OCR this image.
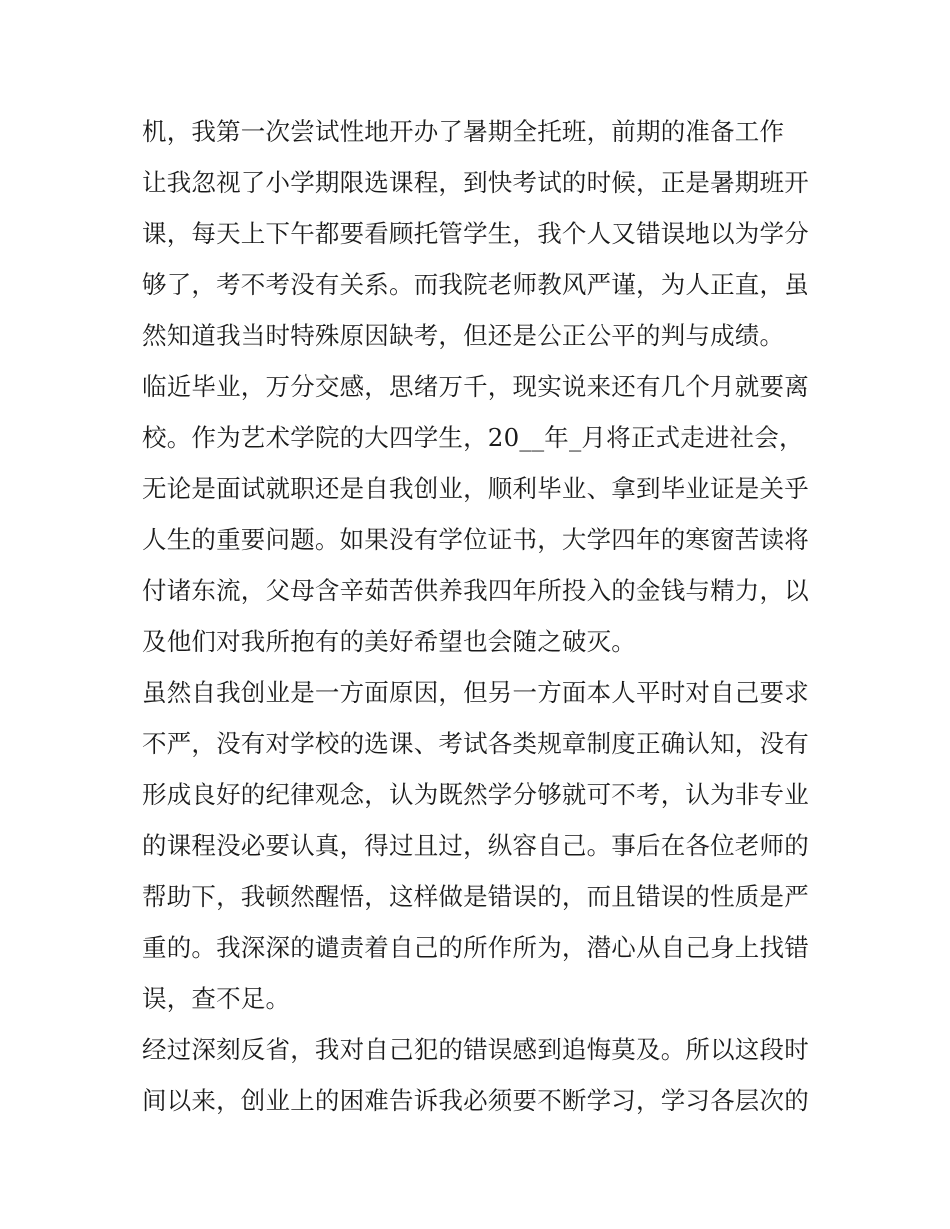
机，我第一次尝试性地开办了暑期全托班，前期的准备工作
让我忽视了小学期限选课程，到快考试的时候，正是暑期班开
课，每天上下午都要看顾托管学生，我个人又错误地以为学分
够了，考不考没有关系。而我院老师教风严谨，为人正直，虽
然知道我当时特殊原因缺考，但还是公正公平的判与成绩。
临近毕业，万分交感，思绪万千，现实说来还有几个月就要离
校。作为艺术学院的大四学生，20__年_月将正式走进社会，
无论是面试就职还是自我创业，顺利毕业、拿到毕业证是关乎
人生的重要问题。如果没有学位证书，大学四年的寒窗苦读将
付诸东流，父母含辛茹苦供养我四年所投入的金钱与精力，以
及他们对我所抱有的美好希望也会随之破灭。
虽然自我创业是一方面原因，但另一方面本人平时对自己要求
不严，没有对学校的选课、考试各类规章制度正确认知，没有
形成良好的纪律观念，认为既然学分够就可不考，认为非专业
的课程没必要认真，得过且过，纵容自己。事后在各位老师的
帮助下，我顿然醒悟，这样做是错误的，而且错误的性质是严
重的。我深深的谴责着自己的所作所为，潜心从自己身上找错
误，查不足。
经过深刻反省，我对自己犯的错误感到追悔莫及。所以这段时
间以来，创业上的困难告诉我必须要不断学习，学习各层次的
